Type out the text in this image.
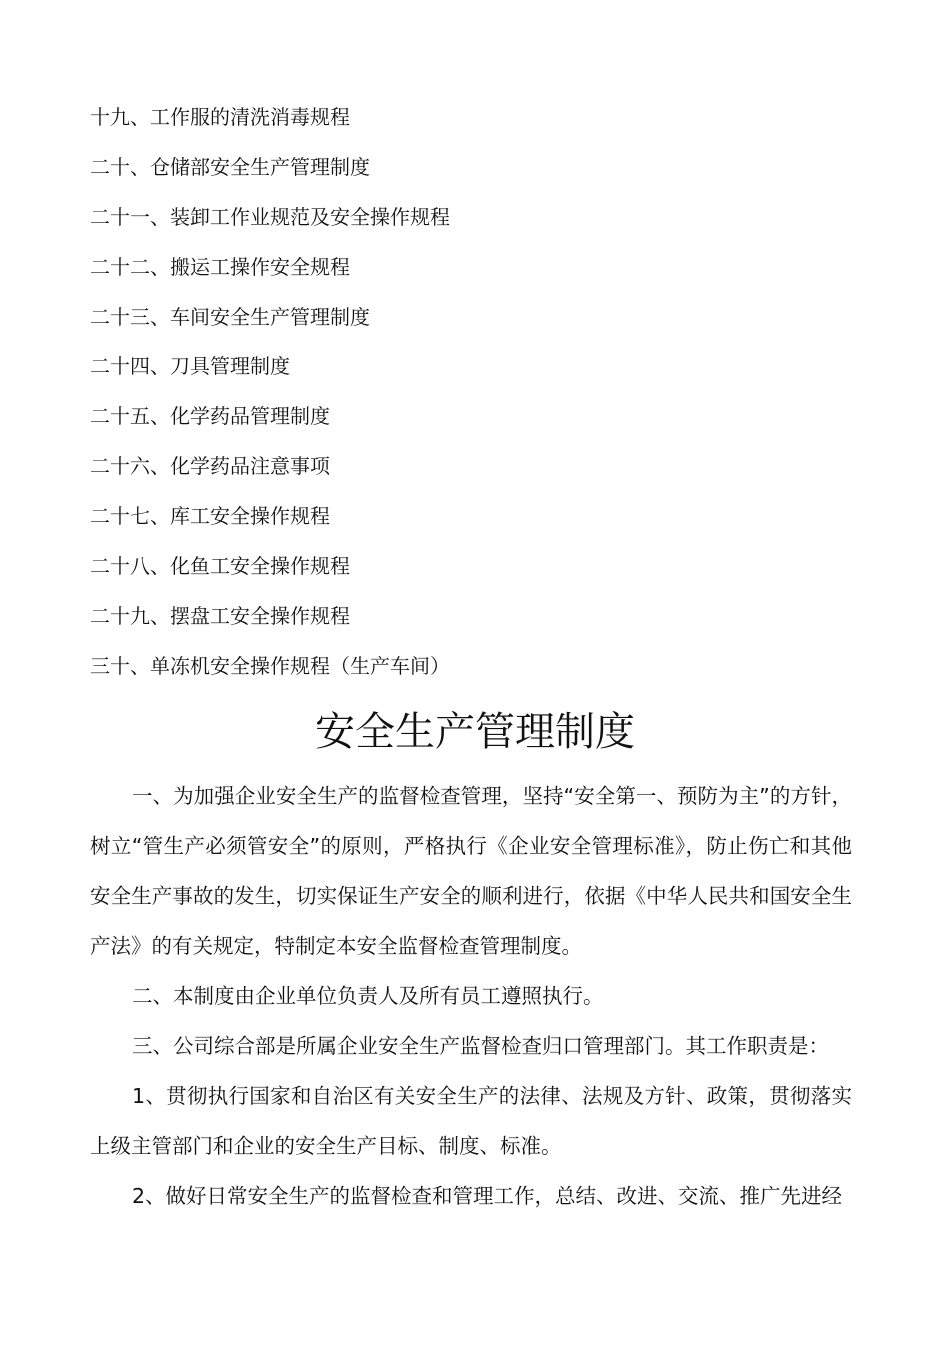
十九、工作服的清洗消毒规程
二十、仓储部安全生产管理制度
二十一、装卸工作业规范及安全操作规程
二十二、搬运工操作安全规程
二十三、车间安全生产管理制度
二十四、刀具管理制度
二十五、化学药品管理制度
二十六、化学药品注意事项
二十七、库工安全操作规程
二十八、化鱼工安全操作规程
二十九、摆盘工安全操作规程
三十、单冻机安全操作规程（生产车间）
安全生产管理制度

一、为加强企业安全生产的监督检查管理，坚持“安全第一、预防为主”的方针，树立“管生产必须管安全”的原则，严格执行《企业安全管理标准》，防止伤亡和其他安全生产事故的发生，切实保证生产安全的顺利进行，依据《中华人民共和国安全生产法》的有关规定，特制定本安全监督检查管理制度。

二、本制度由企业单位负责人及所有员工遵照执行。

三、公司综合部是所属企业安全生产监督检查归口管理部门。其工作职责是：

1、贯彻执行国家和自治区有关安全生产的法律、法规及方针、政策，贯彻落实上级主管部门和企业的安全生产目标、制度、标准。

2、做好日常安全生产的监督检查和管理工作，总结、改进、交流、推广先进经
